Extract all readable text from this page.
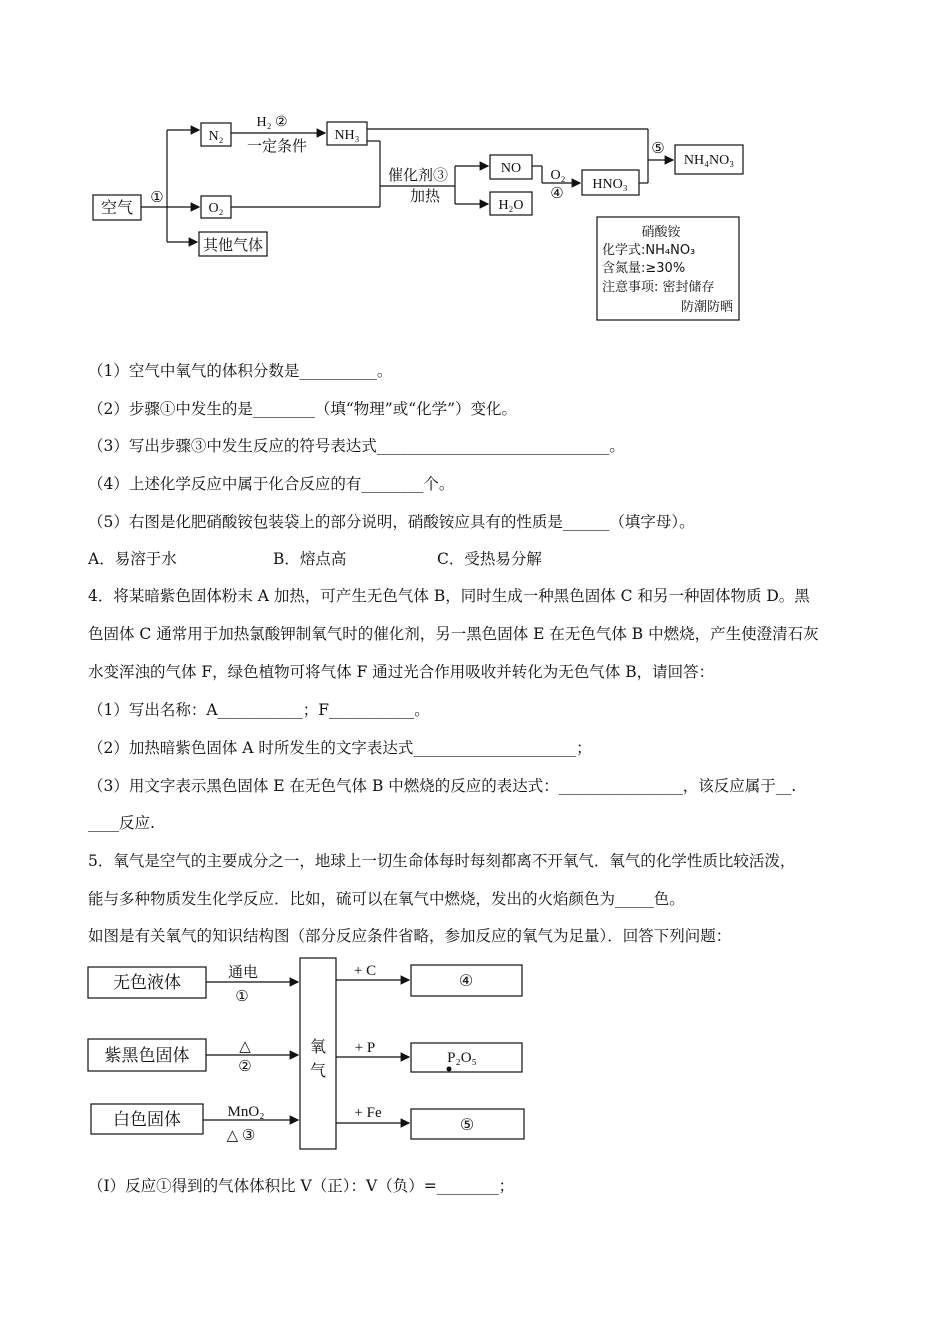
空气
N₂
O₂
其他气体
NH₃
NO
H₂O
HNO₃
NH₄NO₃
①
H₂ ②
一定条件
催化剂③
加热
O₂
④
⑤
硝酸铵
化学式:NH₄NO₃
含氮量:≥30%
注意事项: 密封储存
防潮防晒
（1）空气中氧气的体积分数是__________。
（2）步骤①中发生的是________（填“物理”或“化学”）变化。
（3）写出步骤③中发生反应的符号表达式______________________________。
（4）上述化学反应中属于化合反应的有________个。
（5）右图是化肥硝酸铵包装袋上的部分说明，硝酸铵应具有的性质是______（填字母）。
A．易溶于水	B．熔点高	C．受热易分解
4．将某暗紫色固体粉末 A 加热，可产生无色气体 B，同时生成一种黑色固体 C 和另一种固体物质 D。黑
色固体 C 通常用于加热氯酸钾制氧气时的催化剂，另一黑色固体 E 在无色气体 B 中燃烧，产生使澄清石灰
水变浑浊的气体 F，绿色植物可将气体 F 通过光合作用吸收并转化为无色气体 B，请回答：
（1）写出名称：A___________；F___________。
（2）加热暗紫色固体 A 时所发生的文字表达式_____________________；
（3）用文字表示黑色固体 E 在无色气体 B 中燃烧的反应的表达式：________________，该反应属于__.
____反应.
5．氧气是空气的主要成分之一，地球上一切生命体每时每刻都离不开氧气．氧气的化学性质比较活泼，
能与多种物质发生化学反应．比如，硫可以在氧气中燃烧，发出的火焰颜色为_____色。
如图是有关氧气的知识结构图（部分反应条件省略，参加反应的氧气为足量）．回答下列问题：
（Ⅰ）反应①得到的气体体积比 V（正）：V（负）=________；
无色液体
紫黑色固体
白色固体
通电
氧
气
①
△
②
MnO₂
△ ③
+ C
+ P
+ Fe
④
P₂O₅
⑤
